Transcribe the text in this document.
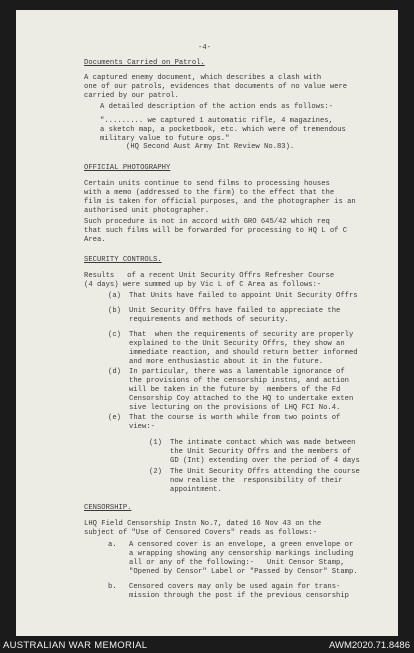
-4-
Documents Carried on Patrol.
A captured enemy document, which describes a clash with
one of our patrols, evidences that documents of no value were
carried by our patrol.
A detailed description of the action ends as follows:-
"......... we captured 1 automatic rifle, 4 magazines,
a sketch map, a pocketbook, etc. which were of tremendous
military value to future ops."
(HQ Second Aust Army Int Review No.83).
OFFICIAL PHOTOGRAPHY
Certain units continue to send films to processing houses
with a memo (addressed to the firm) to the effect that the
film is taken for official purposes, and the photographer is an
authorised unit photographer.
Such procedure is not in accord with GRO 645/42 which req
that such films will be forwarded for processing to HQ L of C
Area.
SECURITY CONTROLS.
Results   of a recent Unit Security Offrs Refresher Course
(4 days) were summed up by Vic L of C Area as follows:-
(a) That Units have failed to appoint Unit Security Offrs
(b) Unit Security Offrs have failed to appreciate the
requirements and methods of security.
(c) That  when the requirements of security are properly
explained to the Unit Security Offrs, they show an
immediate reaction, and should return better informed
and more enthusiastic about it in the future.
(d) In particular, there was a lamentable ignorance of
the provisions of the censorship instns, and action
will be taken in the future by  members of the Fd
Censorship Coy attached to the HQ to undertake exten
sive lecturing on the provisions of LHQ FCI No.4.
(e) That the course is worth while from two points of
view:-
(1) The intimate contact which was made between
the Unit Security Offrs and the members of
GD (Int) extending over the period of 4 days
(2) The Unit Security Offrs attending the course
now realise the  responsibility of their
appointment.
CENSORSHIP.
LHQ Field Censorship Instn No.7, dated 16 Nov 43 on the
subject of "Use of Censored Covers" reads as follows:-
a. A censored cover is an envelope, a green envelope or
a wrapping showing any censorship markings including
all or any of the following:-   Unit Censor Stamp,
"Opened by Censor" Label or "Passed by Censor" Stamp.
b. Censored covers may only be used again for trans-
mission through the post if the previous censorship
AUSTRALIAN WAR MEMORIAL	AWM2020.71.8486
